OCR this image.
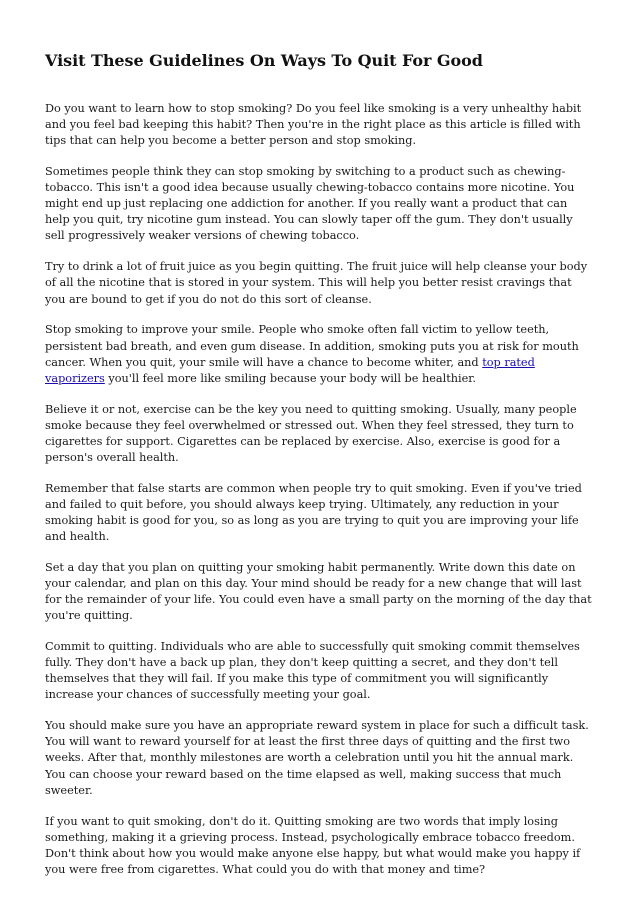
Visit These Guidelines On Ways To Quit For Good

Do you want to learn how to stop smoking? Do you feel like smoking is a very unhealthy habit and you feel bad keeping this habit? Then you're in the right place as this article is filled with tips that can help you become a better person and stop smoking.

Sometimes people think they can stop smoking by switching to a product such as chewing-tobacco. This isn't a good idea because usually chewing-tobacco contains more nicotine. You might end up just replacing one addiction for another. If you really want a product that can help you quit, try nicotine gum instead. You can slowly taper off the gum. They don't usually sell progressively weaker versions of chewing tobacco.

Try to drink a lot of fruit juice as you begin quitting. The fruit juice will help cleanse your body of all the nicotine that is stored in your system. This will help you better resist cravings that you are bound to get if you do not do this sort of cleanse.

Stop smoking to improve your smile. People who smoke often fall victim to yellow teeth, persistent bad breath, and even gum disease. In addition, smoking puts you at risk for mouth cancer. When you quit, your smile will have a chance to become whiter, and top rated vaporizers you'll feel more like smiling because your body will be healthier.

Believe it or not, exercise can be the key you need to quitting smoking. Usually, many people smoke because they feel overwhelmed or stressed out. When they feel stressed, they turn to cigarettes for support. Cigarettes can be replaced by exercise. Also, exercise is good for a person's overall health.

Remember that false starts are common when people try to quit smoking. Even if you've tried and failed to quit before, you should always keep trying. Ultimately, any reduction in your smoking habit is good for you, so as long as you are trying to quit you are improving your life and health.

Set a day that you plan on quitting your smoking habit permanently. Write down this date on your calendar, and plan on this day. Your mind should be ready for a new change that will last for the remainder of your life. You could even have a small party on the morning of the day that you're quitting.

Commit to quitting. Individuals who are able to successfully quit smoking commit themselves fully. They don't have a back up plan, they don't keep quitting a secret, and they don't tell themselves that they will fail. If you make this type of commitment you will significantly increase your chances of successfully meeting your goal.

You should make sure you have an appropriate reward system in place for such a difficult task. You will want to reward yourself for at least the first three days of quitting and the first two weeks. After that, monthly milestones are worth a celebration until you hit the annual mark. You can choose your reward based on the time elapsed as well, making success that much sweeter.

If you want to quit smoking, don't do it. Quitting smoking are two words that imply losing something, making it a grieving process. Instead, psychologically embrace tobacco freedom. Don't think about how you would make anyone else happy, but what would make you happy if you were free from cigarettes. What could you do with that money and time?
